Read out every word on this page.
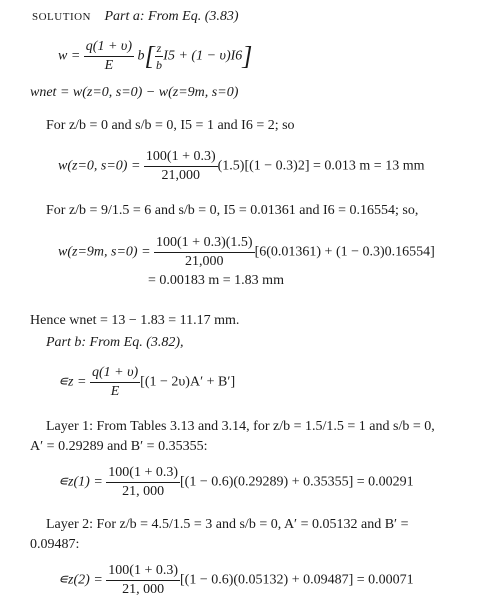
SOLUTION Part a: From Eq. (3.83)
$w = \frac{q(1 + \upsilon)}{E} b[ \frac{z}{b} I5 + (1 - \upsilon)I6]$
wnet = w(z=0, s=0) − w(z=9m, s=0)
For z/b = 0 and s/b = 0, I5 = 1 and I6 = 2; so
w(z=0, $s=0) = \frac{100(1 + 0.3)}{21,000} (1.5)[(1 - 0.3)2] = 0.013$ m = 13 mm
For z/b = 9/1.5 = 6 and s/b = 0, I5 = 0.01361 and I6 = 0.16554; so,
w(z=9m, $s=0) = \frac{100(1 + 0.3)(1.5)}{21,000} [6(0.01361) + (1 - 0.3)0.16554]$
= 0.00183 m = 1.83 mm
Hence wnet = 13 − 1.83 = 11.17 mm.
Part b: From Eq. (3.82),
∊z = $\frac{q(1 + \upsilon)}{E} [(1 - 2\upsilon)A' + B']$
Layer 1: From Tables 3.13 and 3.14, for z/b = 1.5/1.5 = 1 and s/b = 0,
A′ = 0.29289 and B′ = 0.35355:
∊z(1) = $\frac{100(1 + 0.3)}{21, 000} [(1 - 0.6)(0.29289) + 0.35355] = 0.00291$
Layer 2: For z/b = 4.5/1.5 = 3 and s/b = 0, A′ = 0.05132 and B′ =
0.09487:
∊z(2) = $\frac{100(1 + 0.3)}{21, 000} [(1 - 0.6)(0.05132) + 0.09487] = 0.00071$
